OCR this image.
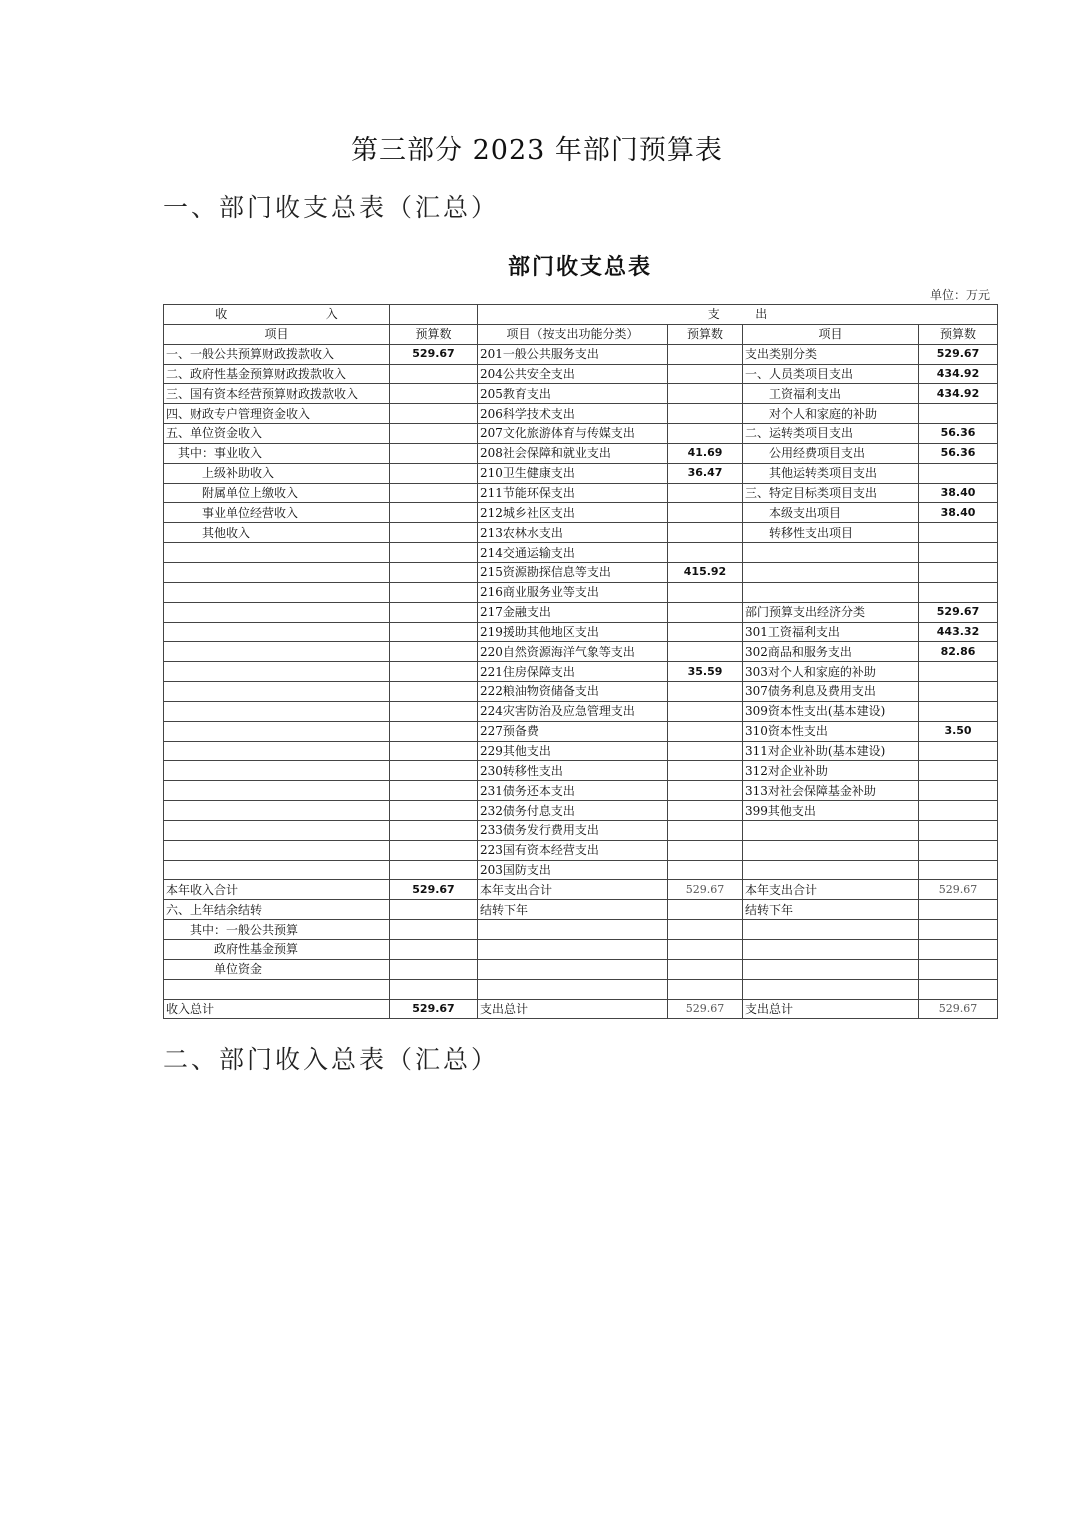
第三部分 2023 年部门预算表
一、部门收支总表（汇总）
部门收支总表
单位：万元
收 入		支 出			

项目	预算数	项目（按支出功能分类）	预算数	项目	预算数
一、一般公共预算财政拨款收入	529.67	201一般公共服务支出		支出类别分类	529.67
二、政府性基金预算财政拨款收入		204公共安全支出		一、人员类项目支出	434.92
三、国有资本经营预算财政拨款收入		205教育支出		　　工资福利支出	434.92
四、财政专户管理资金收入		206科学技术支出		　　对个人和家庭的补助	
五、单位资金收入		207文化旅游体育与传媒支出		二、运转类项目支出	56.36
　其中：事业收入		208社会保障和就业支出	41.69	　　公用经费项目支出	56.36
　　　上级补助收入		210卫生健康支出	36.47	　　其他运转类项目支出	
　　　附属单位上缴收入		211节能环保支出		三、特定目标类项目支出	38.40
　　　事业单位经营收入		212城乡社区支出		　　本级支出项目	38.40
　　　其他收入		213农林水支出		　　转移性支出项目	
		214交通运输支出			
		215资源勘探信息等支出	415.92		
		216商业服务业等支出			
		217金融支出		部门预算支出经济分类	529.67
		219援助其他地区支出		301工资福利支出	443.32
		220自然资源海洋气象等支出		302商品和服务支出	82.86
		221住房保障支出	35.59	303对个人和家庭的补助	
		222粮油物资储备支出		307债务利息及费用支出	
		224灾害防治及应急管理支出		309资本性支出(基本建设)	
		227预备费		310资本性支出	3.50
		229其他支出		311对企业补助(基本建设)	
		230转移性支出		312对企业补助	
		231债务还本支出		313对社会保障基金补助	
		232债务付息支出		399其他支出	
		233债务发行费用支出			
		223国有资本经营支出			
		203国防支出			
本年收入合计	529.67	本年支出合计	529.67	本年支出合计	529.67
六、上年结余结转		结转下年		结转下年	
　　其中：一般公共预算					
　　　　政府性基金预算					
　　　　单位资金					

收入总计	529.67	支出总计	529.67	支出总计	529.67
二、部门收入总表（汇总）
